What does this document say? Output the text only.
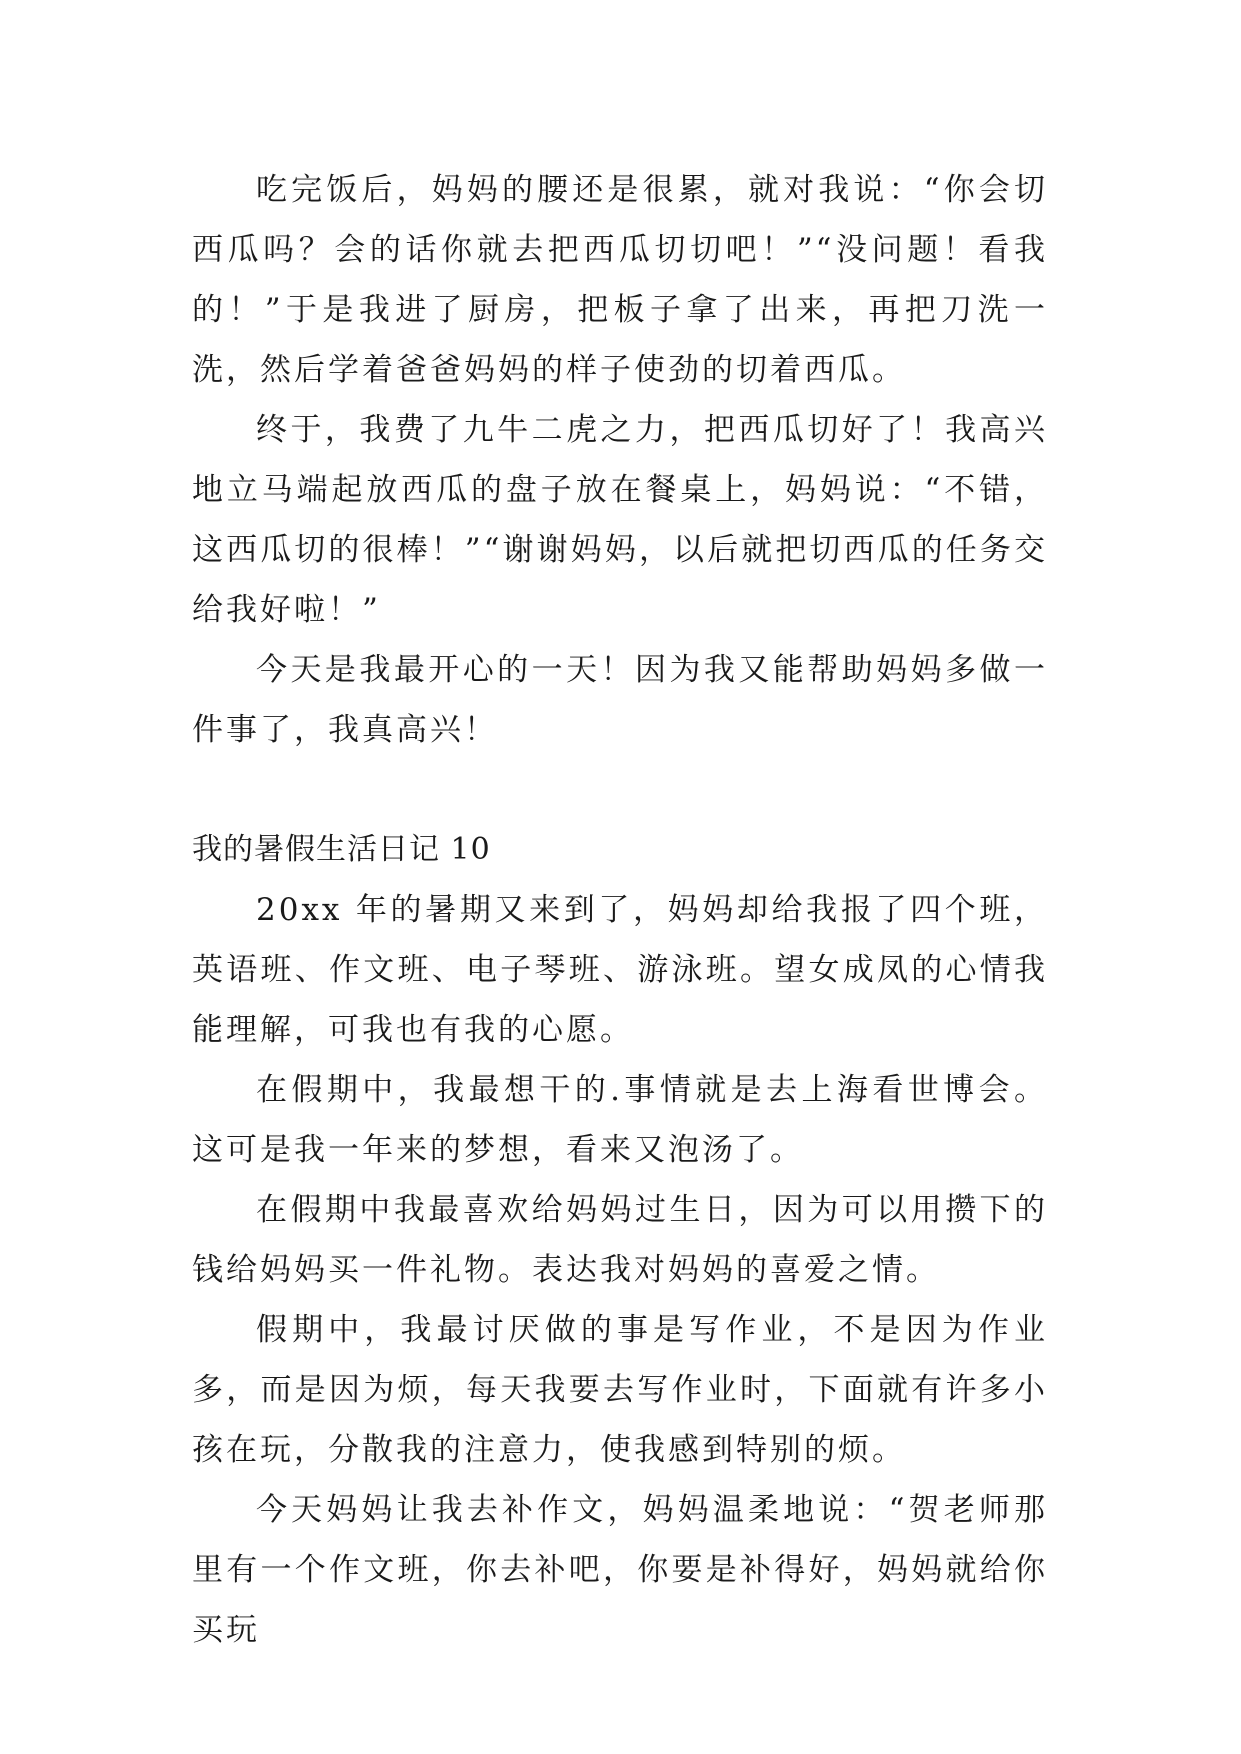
吃完饭后，妈妈的腰还是很累，就对我说：“你会切西瓜吗？会的话你就去把西瓜切切吧！”“没问题！看我的！”于是我进了厨房，把板子拿了出来，再把刀洗一洗，然后学着爸爸妈妈的样子使劲的切着西瓜。

终于，我费了九牛二虎之力，把西瓜切好了！我高兴地立马端起放西瓜的盘子放在餐桌上，妈妈说：“不错，这西瓜切的很棒！”“谢谢妈妈，以后就把切西瓜的任务交给我好啦！”

今天是我最开心的一天！因为我又能帮助妈妈多做一件事了，我真高兴！

我的暑假生活日记 10

20xx 年的暑期又来到了，妈妈却给我报了四个班，英语班、作文班、电子琴班、游泳班。望女成凤的心情我能理解，可我也有我的心愿。

在假期中，我最想干的.事情就是去上海看世博会。这可是我一年来的梦想，看来又泡汤了。

在假期中我最喜欢给妈妈过生日，因为可以用攒下的钱给妈妈买一件礼物。表达我对妈妈的喜爱之情。

假期中，我最讨厌做的事是写作业，不是因为作业多，而是因为烦，每天我要去写作业时，下面就有许多小孩在玩，分散我的注意力，使我感到特别的烦。

今天妈妈让我去补作文，妈妈温柔地说：“贺老师那里有一个作文班，你去补吧，你要是补得好，妈妈就给你买玩
